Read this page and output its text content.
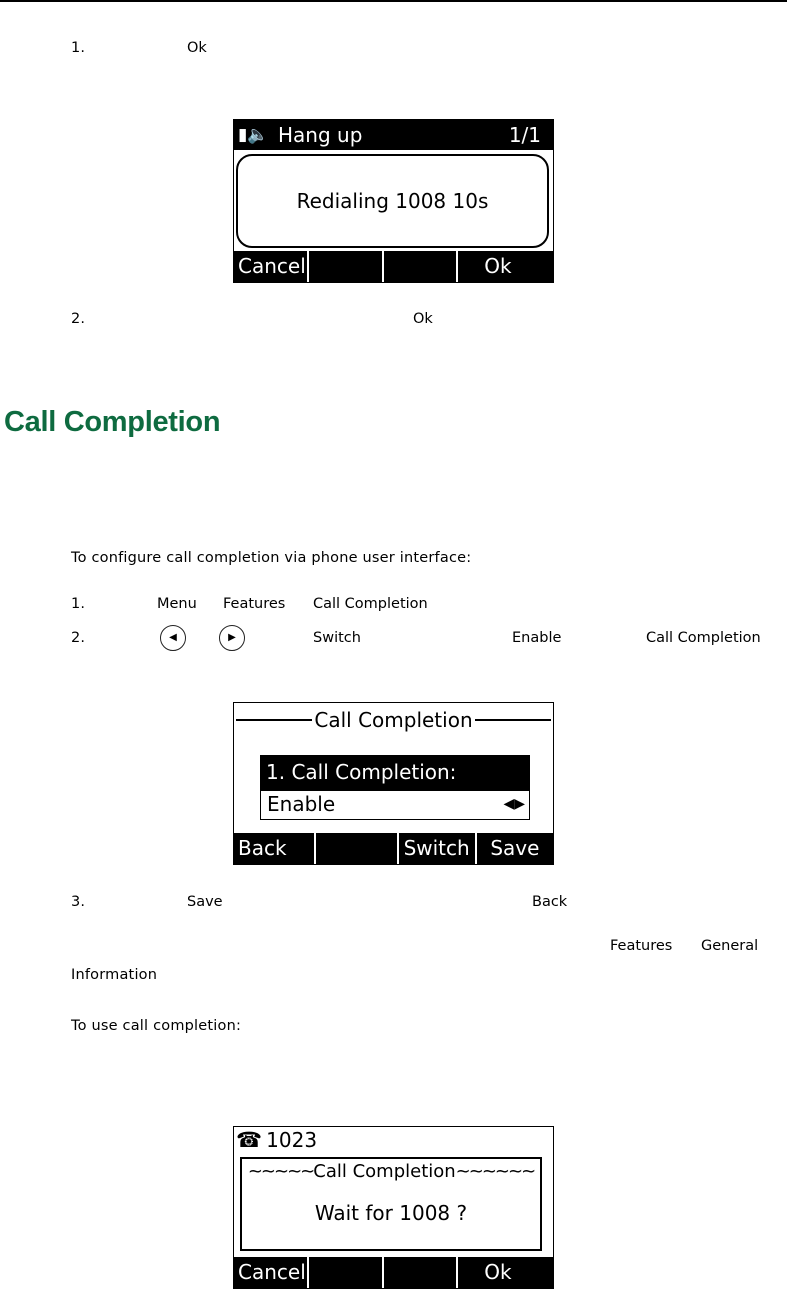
1.	Ok
▮🔈 Hang up	1/1
Redialing 1008 10s
Cancel	Ok
2.	Ok
Call Completion
To configure call completion via phone user interface:
1.	Menu Features Call Completion
2.	◀	▶	Switch	Enable	Call Completion
Call Completion
1. Call Completion:
Enable	◀▶
Back	Switch	Save
3.	Save	Back
Features General
Information
To use call completion:
☎ 1023
~~~~~Call Completion~~~~~~
Wait for 1008 ?
Cancel	Ok
